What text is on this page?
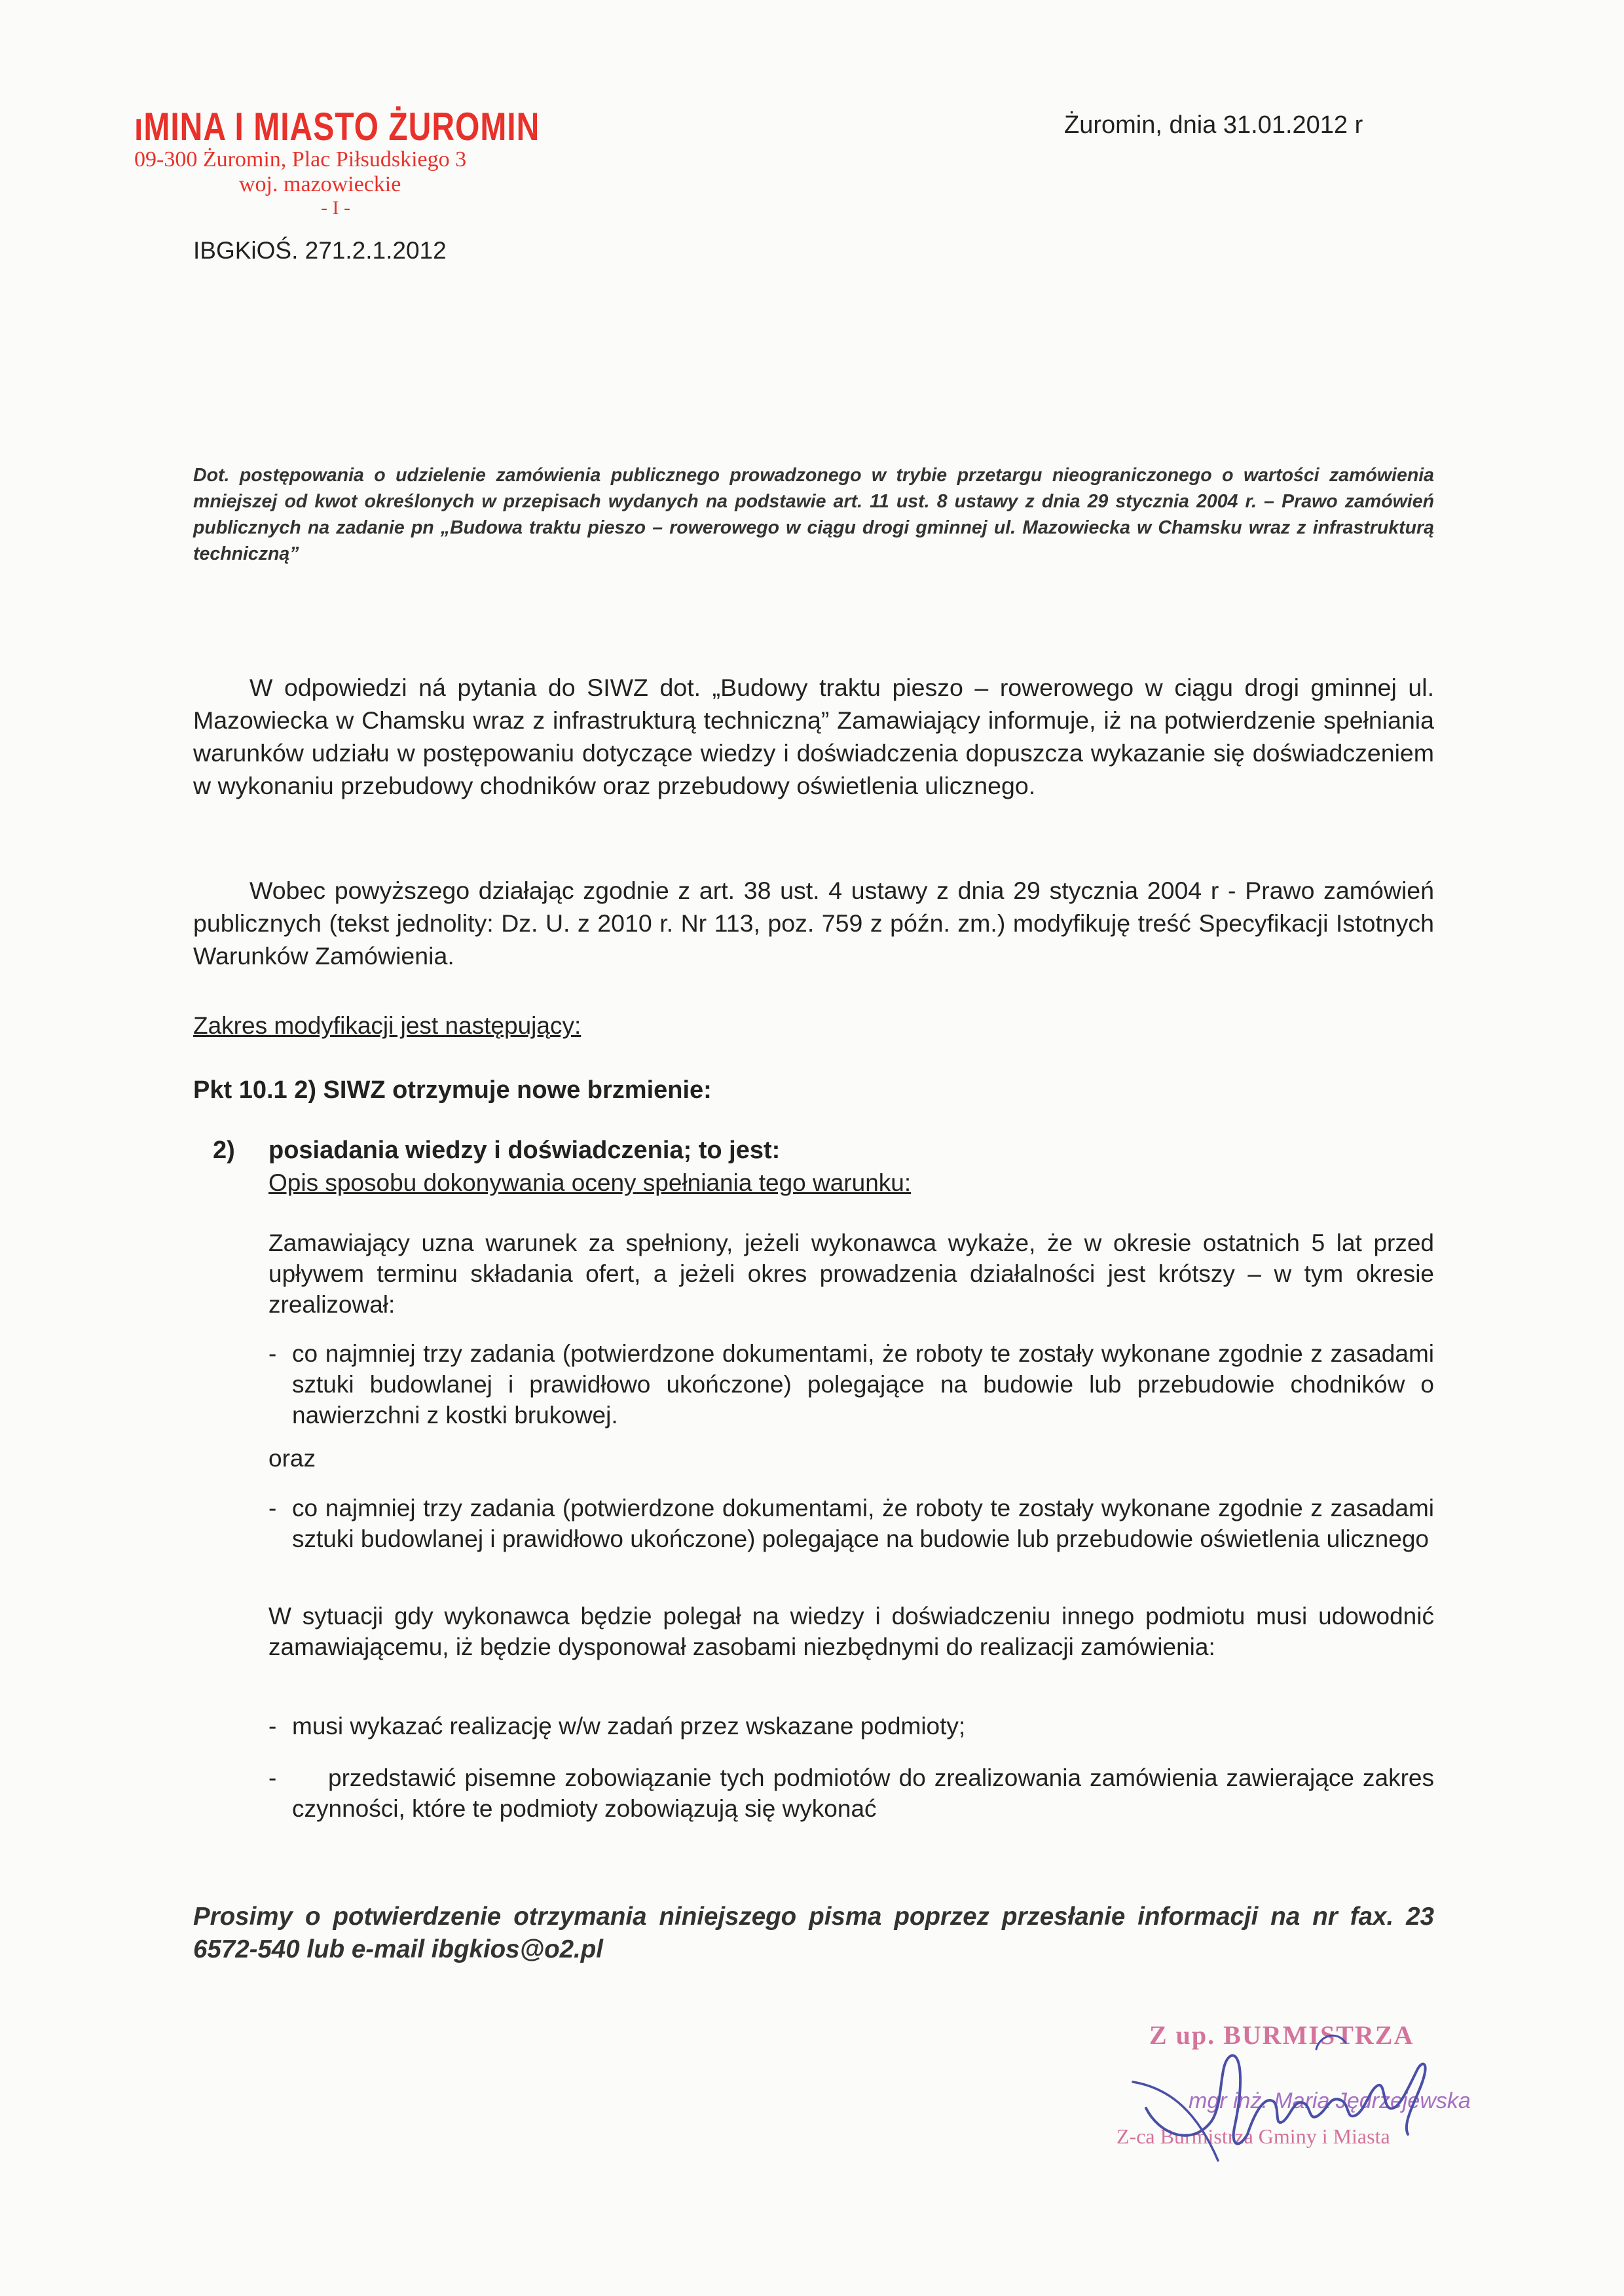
ıMINA I MIASTO ŻUROMIN
09-300 Żuromin, Plac Piłsudskiego 3
woj. mazowieckie
- I -
Żuromin, dnia 31.01.2012 r
IBGKiOŚ. 271.2.1.2012
Dot. postępowania o udzielenie zamówienia publicznego prowadzonego w trybie przetargu nieograniczonego o wartości zamówienia mniejszej od kwot określonych w przepisach wydanych na podstawie art. 11 ust. 8 ustawy z dnia 29 stycznia 2004 r. – Prawo zamówień publicznych na zadanie pn „Budowa traktu pieszo – rowerowego w ciągu drogi gminnej ul. Mazowiecka w Chamsku wraz z infrastrukturą techniczną”
W odpowiedzi ná pytania do SIWZ dot. „Budowy traktu pieszo – rowerowego w ciągu drogi gminnej ul. Mazowiecka w Chamsku wraz z infrastrukturą techniczną” Zamawiający informuje, iż na potwierdzenie spełniania warunków udziału w postępowaniu dotyczące wiedzy i doświadczenia dopuszcza wykazanie się doświadczeniem w wykonaniu przebudowy chodników oraz przebudowy oświetlenia ulicznego.
Wobec powyższego działając zgodnie z art. 38 ust. 4 ustawy z dnia 29 stycznia 2004 r - Prawo zamówień publicznych (tekst jednolity: Dz. U. z 2010 r. Nr 113, poz. 759 z późn. zm.) modyfikuję treść Specyfikacji Istotnych Warunków Zamówienia.
Zakres modyfikacji jest następujący:
Pkt 10.1 2) SIWZ otrzymuje nowe brzmienie:
2) posiadania wiedzy i doświadczenia; to jest:
Opis sposobu dokonywania oceny spełniania tego warunku:
Zamawiający uzna warunek za spełniony, jeżeli wykonawca wykaże, że w okresie ostatnich 5 lat przed upływem terminu składania ofert, a jeżeli okres prowadzenia działalności jest krótszy – w tym okresie zrealizował:
- co najmniej trzy zadania (potwierdzone dokumentami, że roboty te zostały wykonane zgodnie z zasadami sztuki budowlanej i prawidłowo ukończone) polegające na budowie lub przebudowie chodników o nawierzchni z kostki brukowej.
oraz
- co najmniej trzy zadania (potwierdzone dokumentami, że roboty te zostały wykonane zgodnie z zasadami sztuki budowlanej i prawidłowo ukończone) polegające na budowie lub przebudowie oświetlenia ulicznego
W sytuacji gdy wykonawca będzie polegał na wiedzy i doświadczeniu innego podmiotu musi udowodnić zamawiającemu, iż będzie dysponował zasobami niezbędnymi do realizacji zamówienia:
- musi wykazać realizację w/w zadań przez wskazane podmioty;
-	przedstawić pisemne zobowiązanie tych podmiotów do zrealizowania zamówienia zawierające zakres czynności, które te podmioty zobowiązują się wykonać
Prosimy o potwierdzenie otrzymania niniejszego pisma poprzez przesłanie informacji na nr fax. 23 6572-540 lub e-mail ibgkios@o2.pl
Z up. BURMISTRZA
mgr inż. Maria Jędrzejewska
Z-ca Burmistrza Gminy i Miasta
